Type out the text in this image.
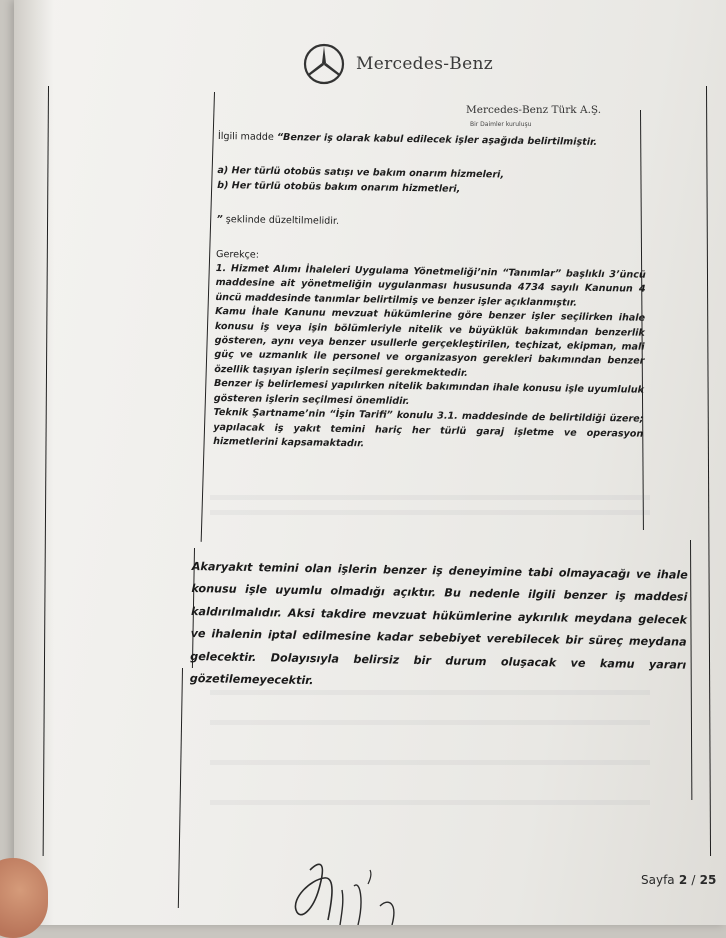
Mercedes-Benz
Mercedes-Benz Türk A.Ş.
Bir Daimler kuruluşu

İlgili madde “Benzer iş olarak kabul edilecek işler aşağıda belirtilmiştir.

a) Her türlü otobüs satışı ve bakım onarım hizmeleri,

b) Her türlü otobüs bakım onarım hizmetleri,

” şeklinde düzeltilmelidir.

Gerekçe:

1. Hizmet Alımı İhaleleri Uygulama Yönetmeliği’nin “Tanımlar” başlıklı 3’üncü maddesine ait yönetmeliğin uygulanması hususunda 4734 sayılı Kanunun 4 üncü maddesinde tanımlar belirtilmiş ve benzer işler açıklanmıştır.

Kamu İhale Kanunu mevzuat hükümlerine göre benzer işler seçilirken ihale konusu iş veya işin bölümleriyle nitelik ve büyüklük bakımından benzerlik gösteren, aynı veya benzer usullerle gerçekleştirilen, teçhizat, ekipman, mali güç ve uzmanlık ile personel ve organizasyon gerekleri bakımından benzer özellik taşıyan işlerin seçilmesi gerekmektedir.

Benzer iş belirlemesi yapılırken nitelik bakımından ihale konusu işle uyumluluk gösteren işlerin seçilmesi önemlidir.

Teknik Şartname’nin “İşin Tarifi” konulu 3.1. maddesinde de belirtildiği üzere; yapılacak iş yakıt temini hariç her türlü garaj işletme ve operasyon hizmetlerini kapsamaktadır.

Akaryakıt temini olan işlerin benzer iş deneyimine tabi olmayacağı ve ihale konusu işle uyumlu olmadığı açıktır. Bu nedenle ilgili benzer iş maddesi kaldırılmalıdır. Aksi takdire mevzuat hükümlerine aykırılık meydana gelecek ve ihalenin iptal edilmesine kadar sebebiyet verebilecek bir süreç meydana gelecektir. Dolayısıyla belirsiz bir durum oluşacak ve kamu yararı gözetilemeyecektir.
Sayfa 2 / 25
